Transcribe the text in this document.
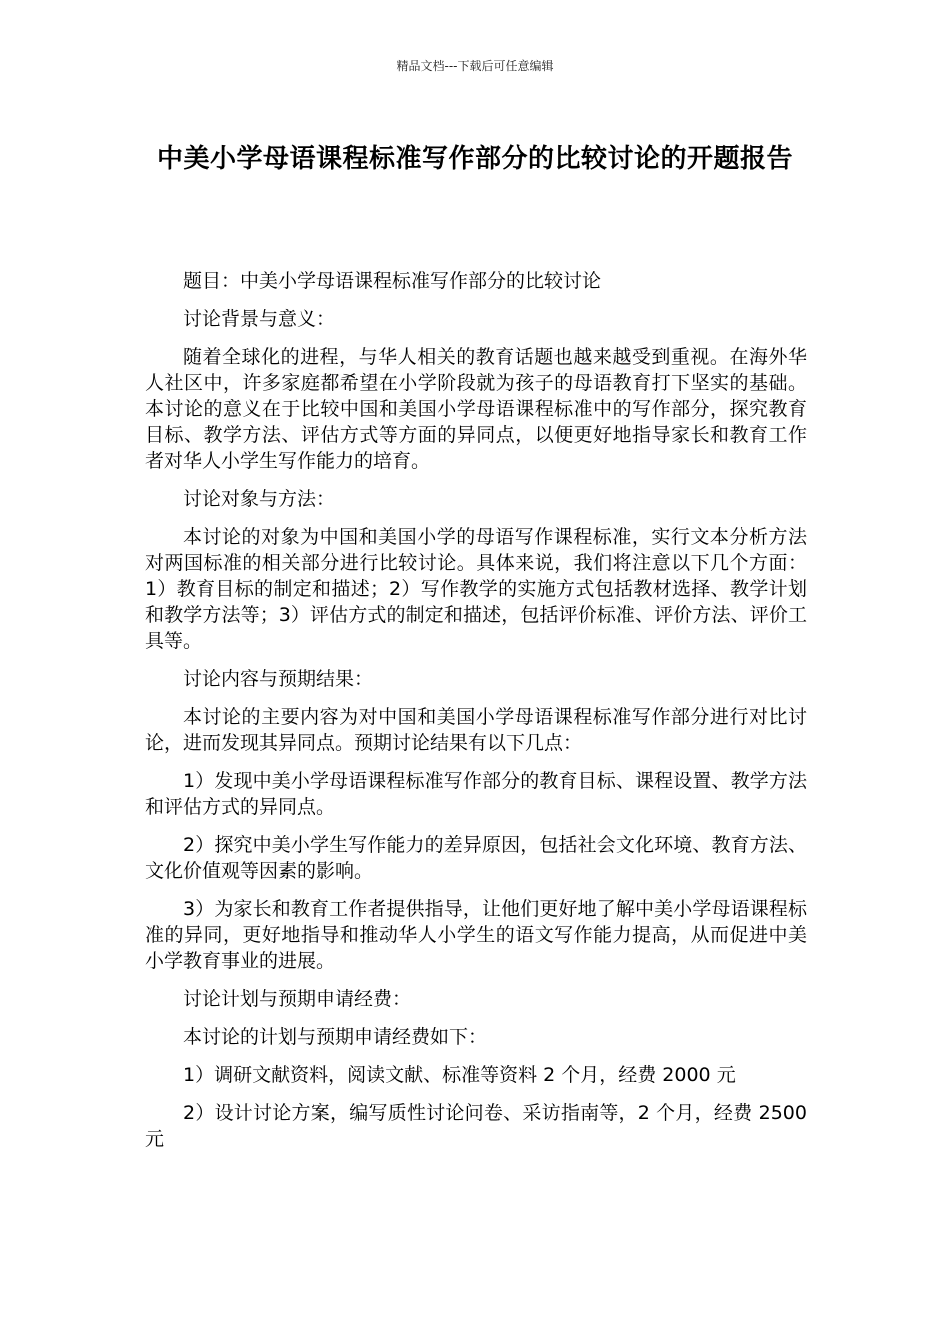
精品文档---下载后可任意编辑
中美小学母语课程标准写作部分的比较讨论的开题报告

题目：中美小学母语课程标准写作部分的比较讨论

讨论背景与意义：

随着全球化的进程，与华人相关的教育话题也越来越受到重视。在海外华人社区中，许多家庭都希望在小学阶段就为孩子的母语教育打下坚实的基础。本讨论的意义在于比较中国和美国小学母语课程标准中的写作部分，探究教育目标、教学方法、评估方式等方面的异同点，以便更好地指导家长和教育工作者对华人小学生写作能力的培育。

讨论对象与方法：

本讨论的对象为中国和美国小学的母语写作课程标准，实行文本分析方法对两国标准的相关部分进行比较讨论。具体来说，我们将注意以下几个方面：1）教育目标的制定和描述；2）写作教学的实施方式包括教材选择、教学计划和教学方法等；3）评估方式的制定和描述，包括评价标准、评价方法、评价工具等。

讨论内容与预期结果：

本讨论的主要内容为对中国和美国小学母语课程标准写作部分进行对比讨论，进而发现其异同点。预期讨论结果有以下几点：

1）发现中美小学母语课程标准写作部分的教育目标、课程设置、教学方法和评估方式的异同点。

2）探究中美小学生写作能力的差异原因，包括社会文化环境、教育方法、文化价值观等因素的影响。

3）为家长和教育工作者提供指导，让他们更好地了解中美小学母语课程标准的异同，更好地指导和推动华人小学生的语文写作能力提高，从而促进中美小学教育事业的进展。

讨论计划与预期申请经费：

本讨论的计划与预期申请经费如下：

1）调研文献资料，阅读文献、标准等资料 2 个月，经费 2000 元

2）设计讨论方案，编写质性讨论问卷、采访指南等，2 个月，经费 2500 元
